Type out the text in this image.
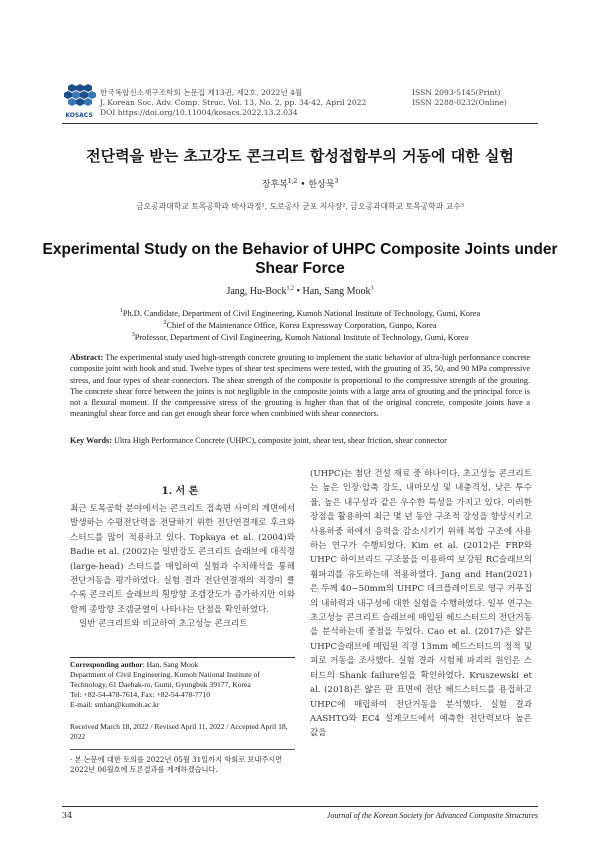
KOSACS
한국복합신소재구조학회 논문집 제13권, 제2호, 2022년 4월
J. Korean Soc. Adv. Comp. Struc. Vol. 13, No. 2, pp. 34-42, April 2022
DOI https://doi.org/10.11004/kosacs.2022.13.2.034
ISSN 2093-5145(Print)
ISSN 2288-0232(Online)
전단력을 받는 초고강도 콘크리트 합성접합부의 거동에 대한 실험
장후복$^{1,2}$ • 한상묵$^3$
금오공과대학교 토목공학과 박사과정¹, 도로공사 군포 지사장², 금오공과대학교 토목공학과 교수³
Experimental Study on the Behavior of UHPC Composite Joints under
Shear Force
Jang, Hu-Bock$^{1,2}$ • Han, Sang Mook$^3$
$^1$Ph.D. Candidate, Department of Civil Engineering, Kumoh National Institute of Technology, Gumi, Korea
$^2$Chief of the Maintenance Office, Korea Expressway Corporation, Gunpo, Korea
$^3$Professor, Department of Civil Engineering, Kumoh National Institute of Technology, Gumi, Korea
Abstract: The experimental study used high-strength concrete grouting to implement the static behavior of ultra-high performance concrete composite joint with hook and stud. Twelve types of shear test specimens were tested, with the grouting of 35, 50, and 90 MPa compressive stress, and four types of shear connectors. The shear strength of the composite is proportional to the compressive strength of the grouting. The concrete shear force between the joints is not negligible in the composite joints with a large area of grouting and the principal force is not a flexural moment. If the compressive stress of the grouting is higher than that of the original concrete, composite joints have a meaningful shear force and can get enough shear force when combined with shear connectors.
Key Words: Ultra High Performance Concrete (UHPC), composite joint, shear test, shear friction, shear connector
1. 서 론
최근 토목공학 분야에서는 콘크리트 접속면 사이의 계면에서 발생하는 수평전단력을 전달하기 위한 전단연결재로 후크와 스터드를 많이 적용하고 있다. Topkaya et al. (2004)와 Badie et al. (2002)는 일반강도 콘크리트 슬래브에 대직경(large-head) 스터드를 매입하여 실험과 수치해석을 통해 전단거동을 평가하였다. 실험 결과 전단연결재의 직경이 클수록 콘크리트 슬래브의 횡방향 조갬강도가 증가하지만 이와 함께 종방향 조갬균열이 나타나는 단점을 확인하였다.
일반 콘크리트와 비교하여 초고성능 콘크리트
(UHPC)는 첨단 건설 재료 중 하나이다. 초고성능 콘크리트는 높은 인장·압축 강도, 내마모성 및 내충격성, 낮은 투수율, 높은 내구성과 같은 우수한 특성을 가지고 있다. 이러한 장점을 활용하여 최근 몇 년 동안 구조적 강성을 향상시키고 사용하중 하에서 응력을 감소시키기 위해 복합 구조에 사용하는 연구가 수행되었다. Kim et al. (2012)은 FRP와 UHPC 하이브리드 구조물을 이용하여 보강된 RC슬래브의 휨파괴를 유도하는데 적용하였다. Jang and Han(2021)은 두께 40~50mm의 UHPC 데크플레이트로 영구 거푸집의 내하력과 내구성에 대한 실험을 수행하였다. 일부 연구는 초고성능 콘크리트 슬래브에 매입된 헤드스터드의 전단거동을 분석하는데 중점을 두었다. Cao et al. (2017)은 얇은 UHPC슬래브에 매립된 직경 13mm 헤드스터드의 정적 및 피로 거동을 조사했다. 실험 결과 시험체 파괴의 원인은 스터드의 Shank failure임을 확인하였다. Kruszewski et al. (2018)은 얇은 판 표면에 전단 헤드스터드를 용접하고 UHPC에 매립하여 전단거동을 분석했다. 실험 결과 AASHTO와 EC4 설계코드에서 예측한 전단력보다 높은 값을
Corresponding author: Han, Sang Mook
Department of Civil Engineering, Kumoh National Institute of
Technology, 61 Daehak-ro, Gumi, Gyungbuk 39177, Korea
Tel: +82-54-478-7614, Fax: +82-54-478-7710
E-mail: smhan@kumoh.ac.kr
Received March 18, 2022 / Revised April 11, 2022 / Accepted April 18, 2022
· 본 논문에 대한 토의를 2022년 05월 31일까지 학회로 보내주시면 2022년 06월호에 토론결과를 게재하겠습니다.
34	Journal of the Korean Society for Advanced Composite Structures
